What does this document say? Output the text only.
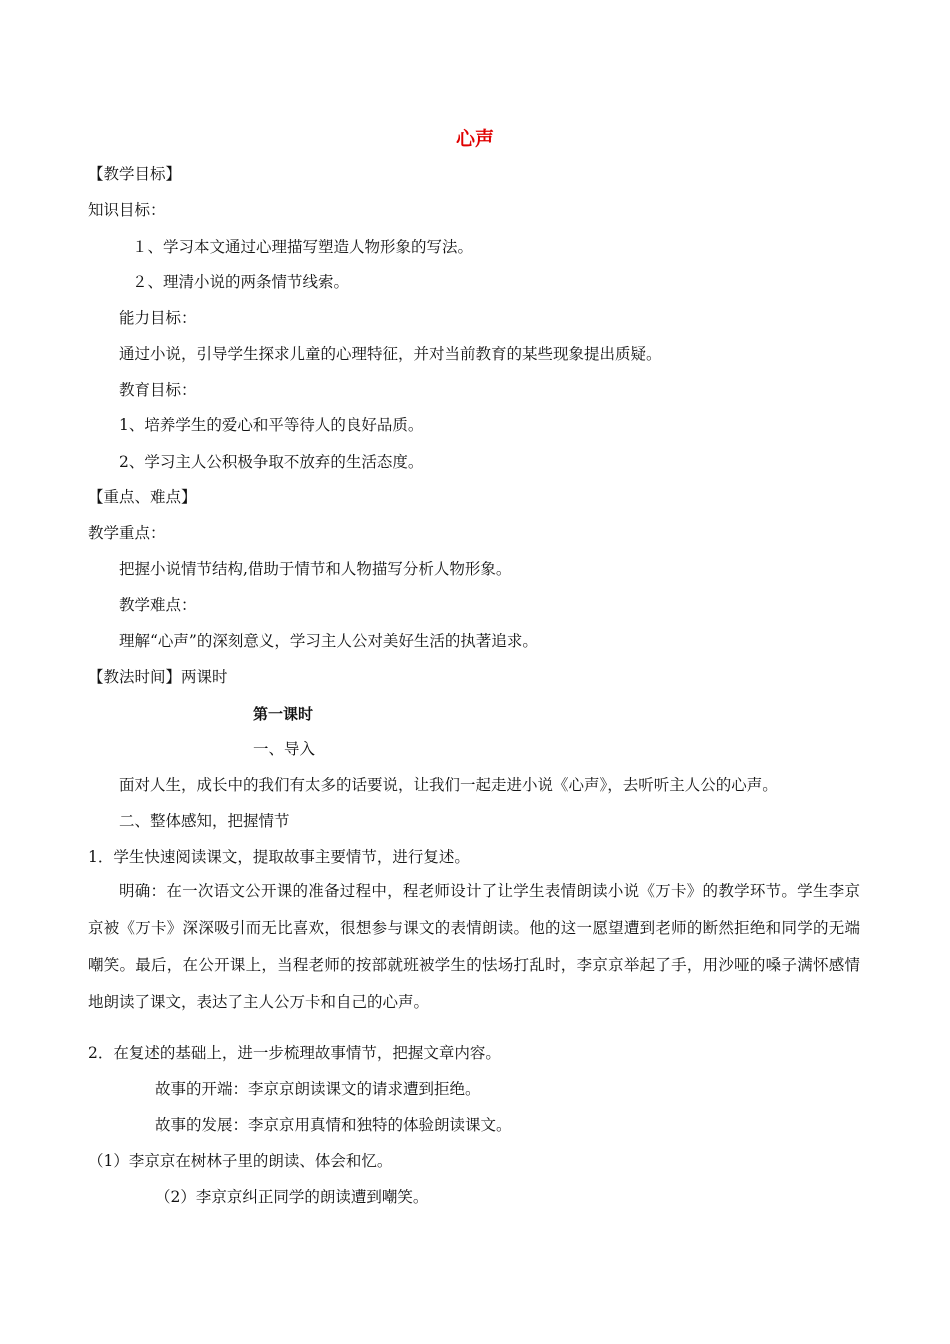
心声
【教学目标】
知识目标：
１、学习本文通过心理描写塑造人物形象的写法。
２、理清小说的两条情节线索。
能力目标：
通过小说，引导学生探求儿童的心理特征，并对当前教育的某些现象提出质疑。
教育目标：
1、培养学生的爱心和平等待人的良好品质。
2、学习主人公积极争取不放弃的生活态度。
【重点、难点】
教学重点：
把握小说情节结构,借助于情节和人物描写分析人物形象。
教学难点：
理解“心声”的深刻意义，学习主人公对美好生活的执著追求。
【教法时间】两课时
第一课时
一、导入
面对人生，成长中的我们有太多的话要说，让我们一起走进小说《心声》，去听听主人公的心声。
二、整体感知，把握情节
1．学生快速阅读课文，提取故事主要情节，进行复述。
明确：在一次语文公开课的准备过程中，程老师设计了让学生表情朗读小说《万卡》的教学环节。学生李京京被《万卡》深深吸引而无比喜欢，很想参与课文的表情朗读。他的这一愿望遭到老师的断然拒绝和同学的无端嘲笑。最后，在公开课上，当程老师的按部就班被学生的怯场打乱时，李京京举起了手，用沙哑的嗓子满怀感情地朗读了课文，表达了主人公万卡和自己的心声。
2．在复述的基础上，进一步梳理故事情节，把握文章内容。
故事的开端：李京京朗读课文的请求遭到拒绝。
故事的发展：李京京用真情和独特的体验朗读课文。
（1）李京京在树林子里的朗读、体会和忆。
（2）李京京纠正同学的朗读遭到嘲笑。
